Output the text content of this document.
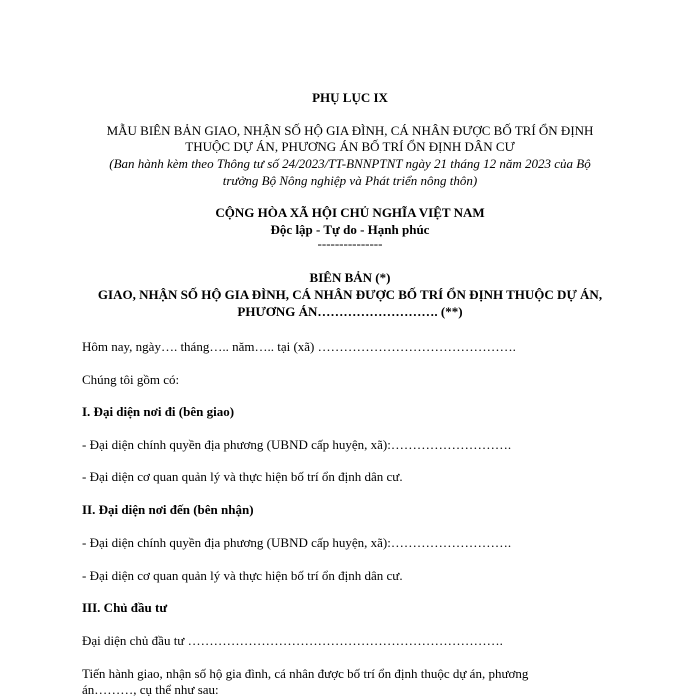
PHỤ LỤC IX
MẪU BIÊN BẢN GIAO, NHẬN SỐ HỘ GIA ĐÌNH, CÁ NHÂN ĐƯỢC BỐ TRÍ ỔN ĐỊNH
THUỘC DỰ ÁN, PHƯƠNG ÁN BỐ TRÍ ỔN ĐỊNH DÂN CƯ
(Ban hành kèm theo Thông tư số 24/2023/TT-BNNPTNT ngày 21 tháng 12 năm 2023 của Bộ
trưởng Bộ Nông nghiệp và Phát triển nông thôn)
CỘNG HÒA XÃ HỘI CHỦ NGHĨA VIỆT NAM
Độc lập - Tự do - Hạnh phúc
---------------
BIÊN BẢN (*)
GIAO, NHẬN SỐ HỘ GIA ĐÌNH, CÁ NHÂN ĐƯỢC BỐ TRÍ ỔN ĐỊNH THUỘC DỰ ÁN,
PHƯƠNG ÁN………………………. (**)
Hôm nay, ngày…. tháng….. năm….. tại (xã) ……………………………………….
Chúng tôi gồm có:
I. Đại diện nơi đi (bên giao)
- Đại diện chính quyền địa phương (UBND cấp huyện, xã):……………………….
- Đại diện cơ quan quản lý và thực hiện bố trí ổn định dân cư.
II. Đại diện nơi đến (bên nhận)
- Đại diện chính quyền địa phương (UBND cấp huyện, xã):……………………….
- Đại diện cơ quan quản lý và thực hiện bố trí ổn định dân cư.
III. Chủ đầu tư
Đại diện chủ đầu tư ……………………………………………………………….
Tiến hành giao, nhận số hộ gia đình, cá nhân được bố trí ổn định thuộc dự án, phương
án………, cụ thể như sau:
